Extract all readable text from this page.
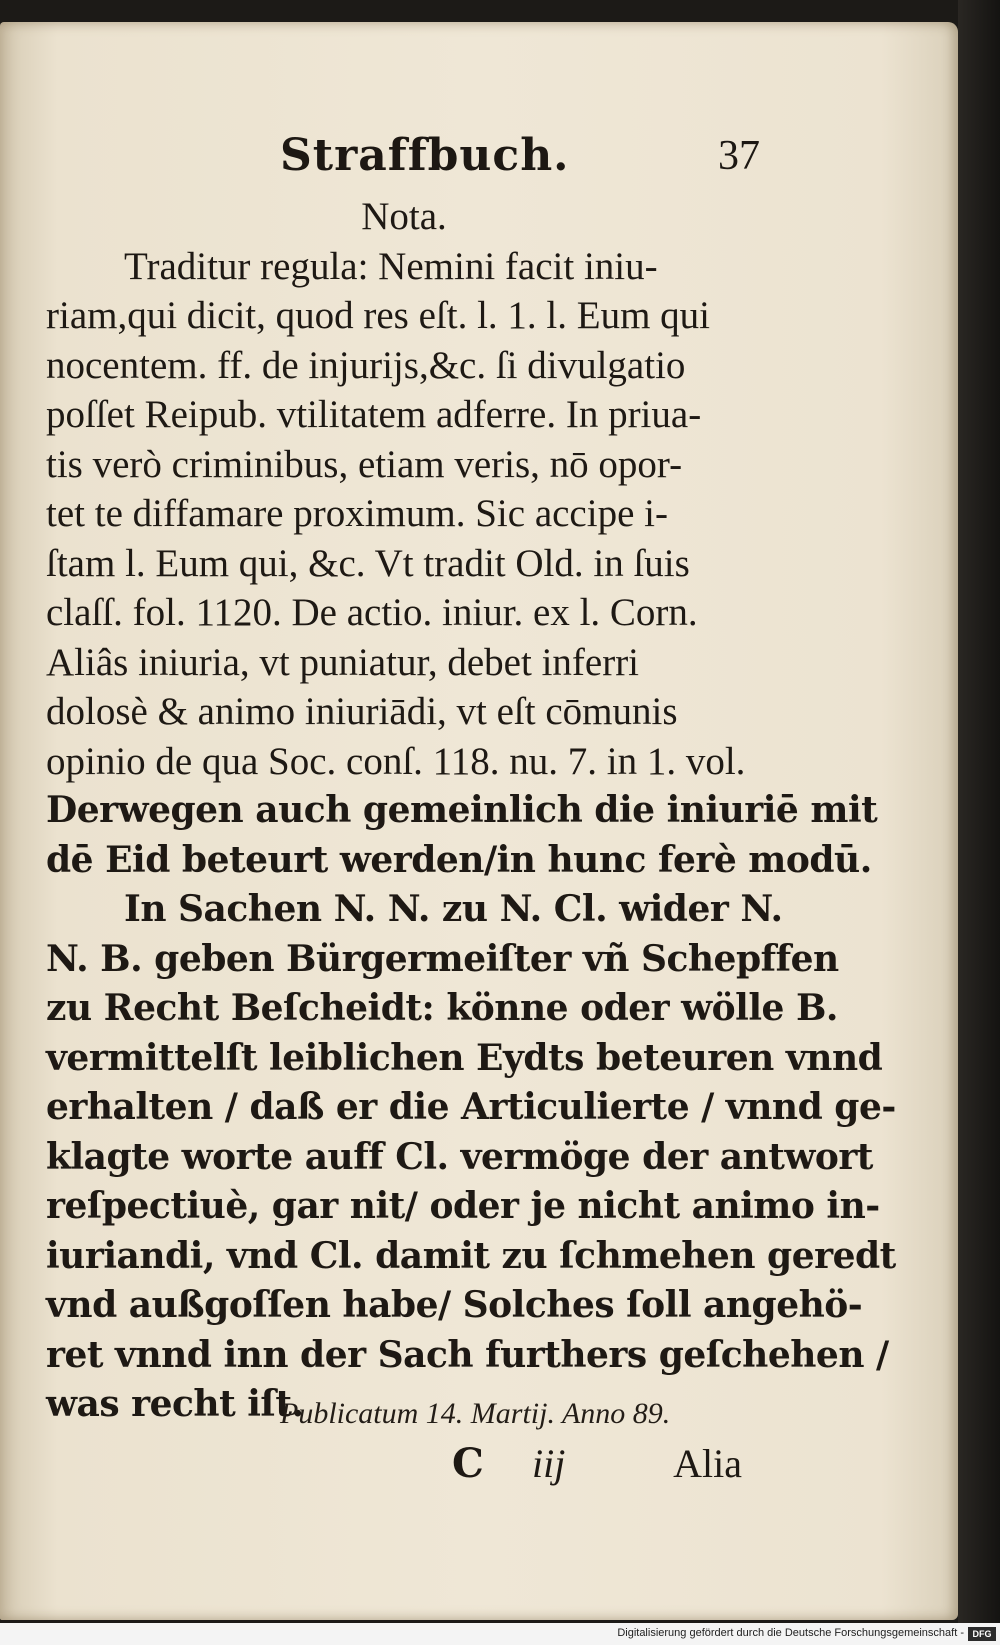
Straffbuch.	37
Nota.
Traditur regula: Nemini facit iniu-
riam,qui dicit, quod res eſt. l. 1. l. Eum qui
nocentem. ff. de injurijs,&c. ſi divulgatio
poſſet Reipub. vtilitatem adferre. In priua-
tis verò criminibus, etiam veris, nō opor-
tet te diffamare proximum. Sic accipe i-
ſtam l. Eum qui, &c. Vt tradit Old. in ſuis
claſſ. fol. 1120. De actio. iniur. ex l. Corn.
Aliâs iniuria, vt puniatur, debet inferri
dolosè & animo iniuriādi, vt eſt cōmunis
opinio de qua Soc. conſ. 118. nu. 7. in 1. vol.
Derwegen auch gemeinlich die iniuriē mit
dē Eid beteurt werden/in hunc ferè modū.
In Sachen N. N. zu N. Cl. wider N.
N. B. geben Bürgermeiſter vñ Schepffen
zu Recht Beſcheidt: könne oder wölle B.
vermittelſt leiblichen Eydts beteuren vnnd
erhalten / daß er die Articulierte / vnnd ge-
klagte worte auff Cl. vermöge der antwort
reſpectiuè, gar nit/ oder je nicht animo in-
iuriandi, vnd Cl. damit zu ſchmehen geredt
vnd außgoſſen habe/ Solches ſoll angehö-
ret vnnd inn der Sach furthers geſchehen /
was recht iſt.
Publicatum 14. Martij. Anno 89.
C iij	Alia
Digitalisierung gefördert durch die Deutsche Forschungsgemeinschaft - DFG
